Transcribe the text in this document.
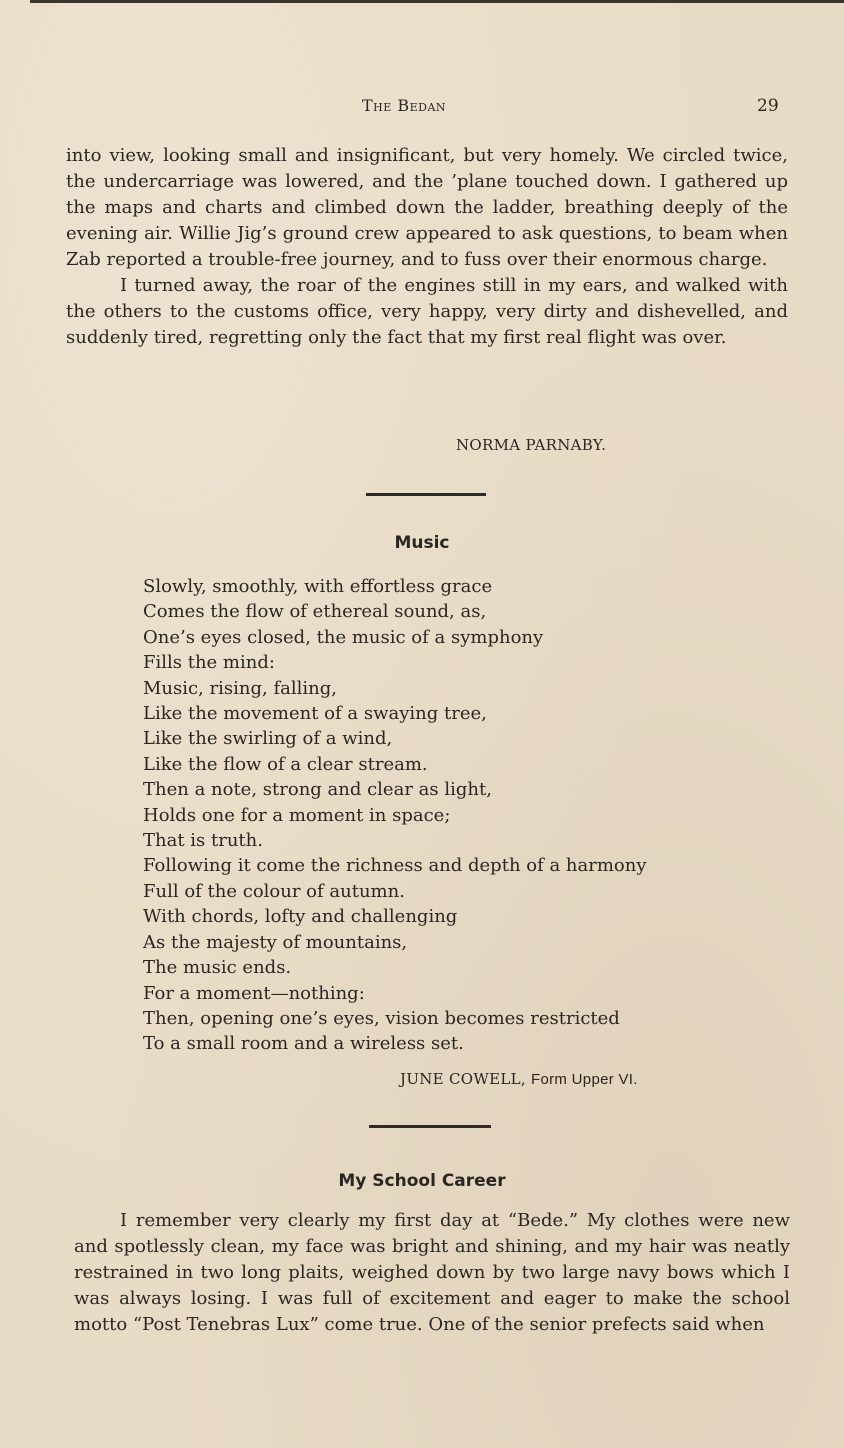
The Bedan	29

into view, looking small and insignificant, but very homely. We circled twice, the undercarriage was lowered, and the ’plane touched down. I gathered up the maps and charts and climbed down the ladder, breathing deeply of the evening air. Willie Jig’s ground crew appeared to ask questions, to beam when Zab reported a trouble-free journey, and to fuss over their enormous charge.

I turned away, the roar of the engines still in my ears, and walked with the others to the customs office, very happy, very dirty and dishevelled, and suddenly tired, regretting only the fact that my first real flight was over.

NORMA PARNABY.
Music
Slowly, smoothly, with effortless grace
Comes the flow of ethereal sound, as,
One’s eyes closed, the music of a symphony
Fills the mind:
Music, rising, falling,
Like the movement of a swaying tree,
Like the swirling of a wind,
Like the flow of a clear stream.
Then a note, strong and clear as light,
Holds one for a moment in space;
That is truth.
Following it come the richness and depth of a harmony
Full of the colour of autumn.
With chords, lofty and challenging
As the majesty of mountains,
The music ends.
For a moment—nothing:
Then, opening one’s eyes, vision becomes restricted
To a small room and a wireless set.
JUNE COWELL, Form Upper VI.
My School Career

I remember very clearly my first day at “Bede.” My clothes were new and spotlessly clean, my face was bright and shining, and my hair was neatly restrained in two long plaits, weighed down by two large navy bows which I was always losing. I was full of excitement and eager to make the school motto “Post Tenebras Lux” come true. One of the senior prefects said when
